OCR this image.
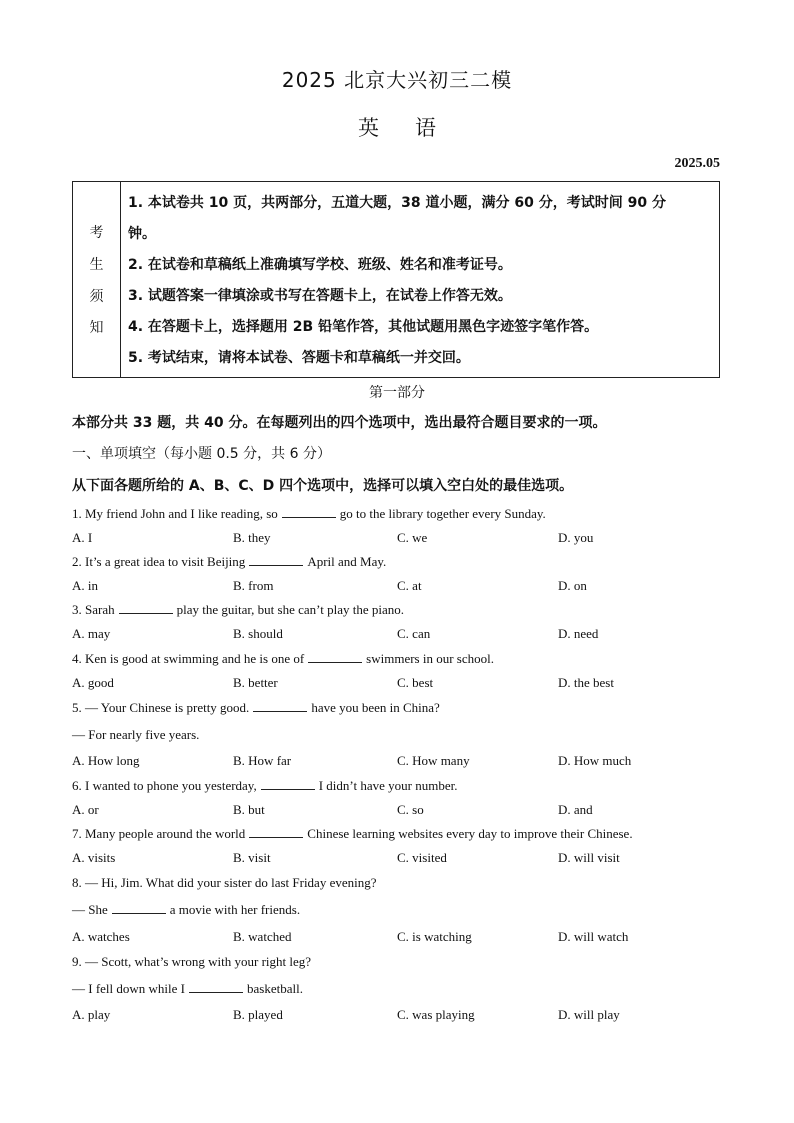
2025 北京大兴初三二模
英 语
2025.05
考
生
须
知
1. 本试卷共 10 页，共两部分，五道大题，38 道小题，满分 60 分，考试时间 90 分
钟。
2. 在试卷和草稿纸上准确填写学校、班级、姓名和准考证号。
3. 试题答案一律填涂或书写在答题卡上，在试卷上作答无效。
4. 在答题卡上，选择题用 2B 铅笔作答，其他试题用黑色字迹签字笔作答。
5. 考试结束，请将本试卷、答题卡和草稿纸一并交回。
第一部分
本部分共 33 题，共 40 分。在每题列出的四个选项中，选出最符合题目要求的一项。
一、单项填空（每小题 0.5 分，共 6 分）
从下面各题所给的 A、B、C、D 四个选项中，选择可以填入空白处的最佳选项。
1. My friend John and I like reading, so	go to the library together every Sunday.
A. I	B. they	C. we	D. you
2. It’s a great idea to visit Beijing	April and May.
A. in	B. from	C. at	D. on
3. Sarah	play the guitar, but she can’t play the piano.
A. may	B. should	C. can	D. need
4. Ken is good at swimming and he is one of	swimmers in our school.
A. good	B. better	C. best	D. the best
5. — Your Chinese is pretty good.	have you been in China?
— For nearly five years.
A. How long	B. How far	C. How many	D. How much
6. I wanted to phone you yesterday,	I didn’t have your number.
A. or	B. but	C. so	D. and
7. Many people around the world	Chinese learning websites every day to improve their Chinese.
A. visits	B. visit	C. visited	D. will visit
8. — Hi, Jim. What did your sister do last Friday evening?
— She	a movie with her friends.
A. watches	B. watched	C. is watching	D. will watch
9. — Scott, what’s wrong with your right leg?
— I fell down while I	basketball.
A. play	B. played	C. was playing	D. will play
